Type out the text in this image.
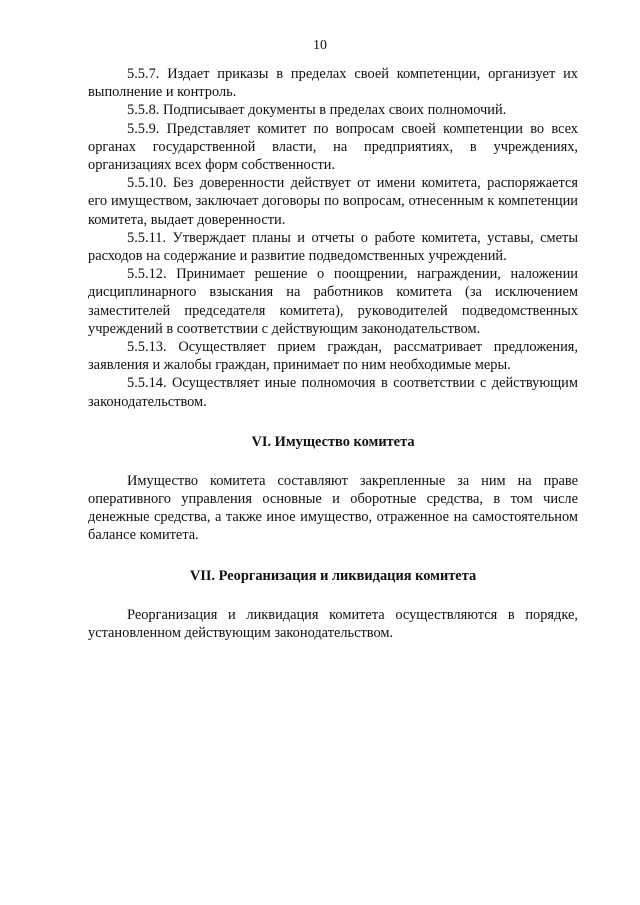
10

5.5.7. Издает приказы в пределах своей компетенции, организует их выполнение и контроль.

5.5.8. Подписывает документы в пределах своих полномочий.

5.5.9. Представляет комитет по вопросам своей компетенции во всех органах государственной власти, на предприятиях, в учреждениях, организациях всех форм собственности.

5.5.10. Без доверенности действует от имени комитета, распоряжается его имуществом, заключает договоры по вопросам, отнесенным к компетенции комитета, выдает доверенности.

5.5.11. Утверждает планы и отчеты о работе комитета, уставы, сметы расходов на содержание и развитие подведомственных учреждений.

5.5.12. Принимает решение о поощрении, награждении, наложении дисциплинарного взыскания на работников комитета (за исключением заместителей председателя комитета), руководителей подведомственных учреждений в соответствии с действующим законодательством.

5.5.13. Осуществляет прием граждан, рассматривает предложения, заявления и жалобы граждан, принимает по ним необходимые меры.

5.5.14. Осуществляет иные полномочия в соответствии с действующим законодательством.

VI. Имущество комитета

Имущество комитета составляют закрепленные за ним на праве оперативного управления основные и оборотные средства, в том числе денежные средства, а также иное имущество, отраженное на самостоятельном балансе комитета.

VII. Реорганизация и ликвидация комитета

Реорганизация и ликвидация комитета осуществляются в порядке, установленном действующим законодательством.
